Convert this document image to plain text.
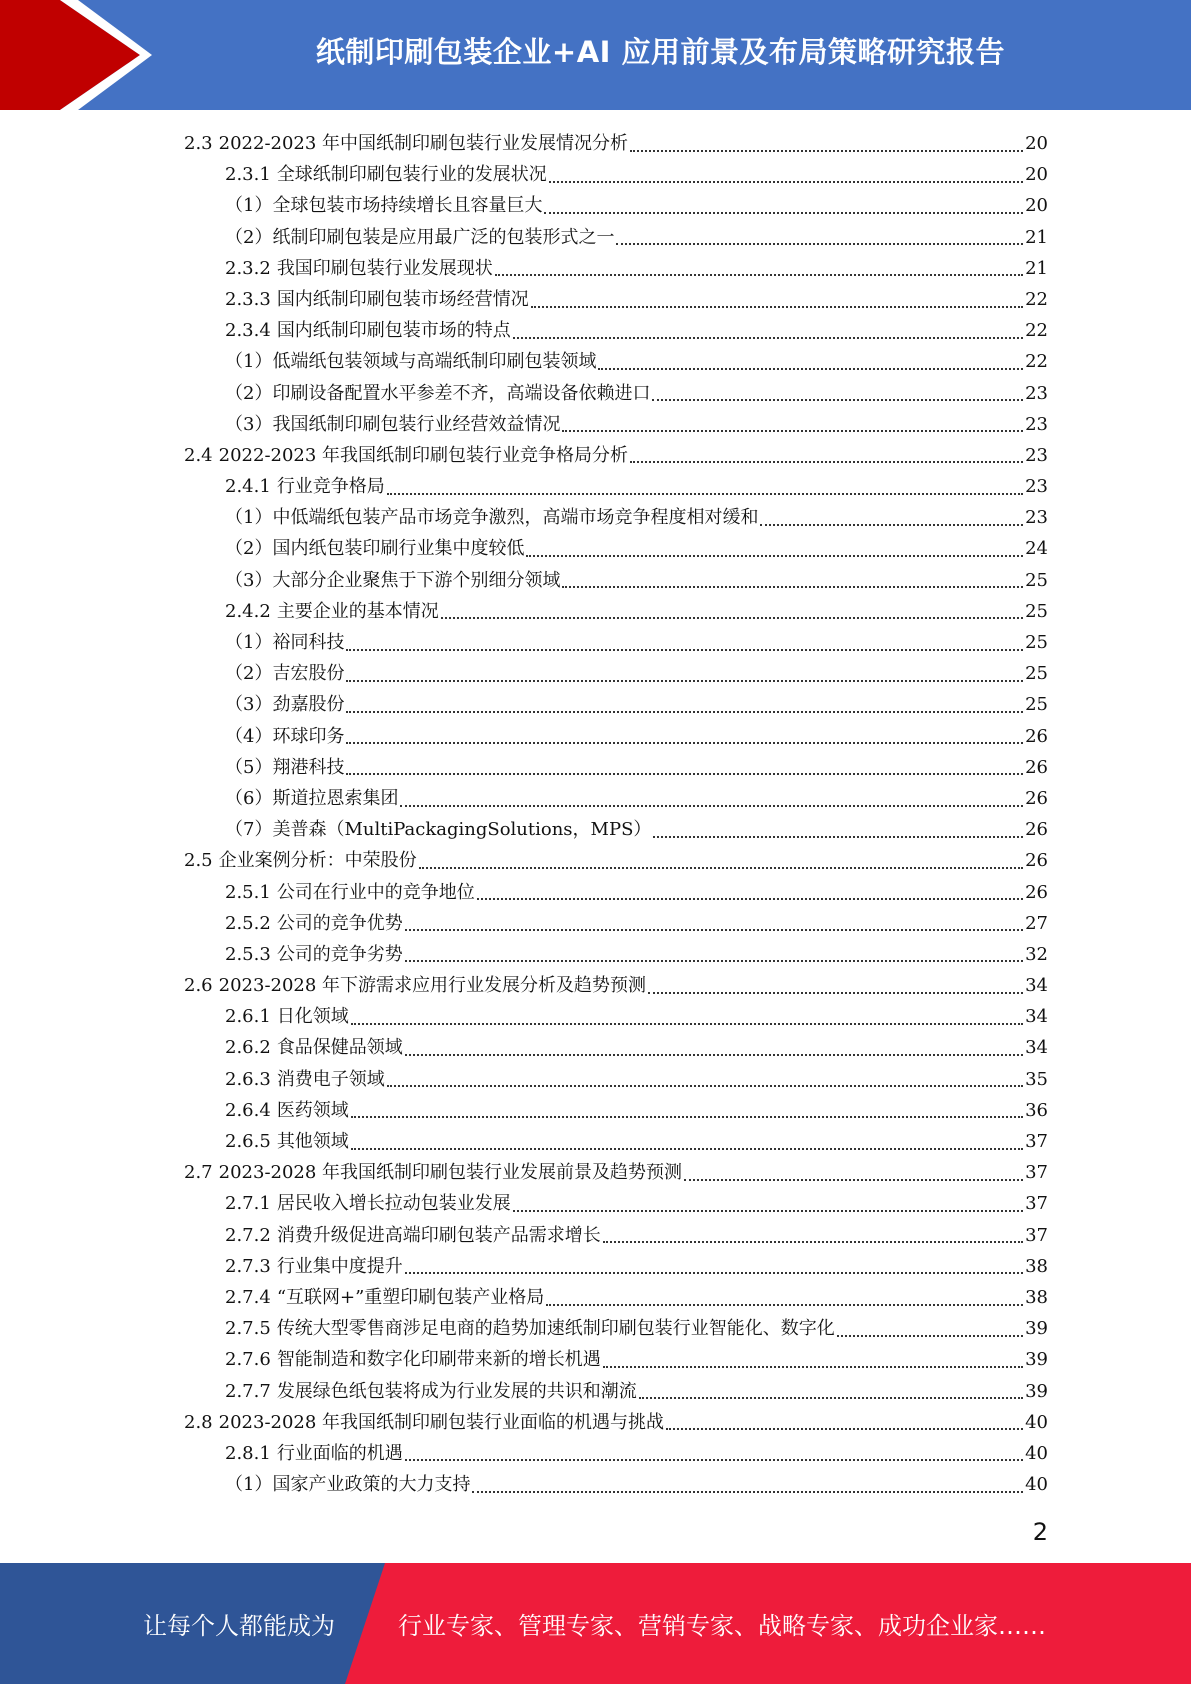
纸制印刷包装企业+AI 应用前景及布局策略研究报告
2.3 2022-2023 年中国纸制印刷包装行业发展情况分析	20
2.3.1 全球纸制印刷包装行业的发展状况	20
（1） 全球包装市场持续增长且容量巨大	20
（2） 纸制印刷包装是应用最广泛的包装形式之一	21
2.3.2 我国印刷包装行业发展现状	21
2.3.3 国内纸制印刷包装市场经营情况	22
2.3.4 国内纸制印刷包装市场的特点	22
（1） 低端纸包装领域与高端纸制印刷包装领域	22
（2） 印刷设备配置水平参差不齐，高端设备依赖进口	23
（3） 我国纸制印刷包装行业经营效益情况	23
2.4 2022-2023 年我国纸制印刷包装行业竞争格局分析	23
2.4.1 行业竞争格局	23
（1） 中低端纸包装产品市场竞争激烈，高端市场竞争程度相对缓和	23
（2） 国内纸包装印刷行业集中度较低	24
（3） 大部分企业聚焦于下游个别细分领域	25
2.4.2 主要企业的基本情况	25
（1） 裕同科技	25
（2） 吉宏股份	25
（3） 劲嘉股份	25
（4） 环球印务	26
（5） 翔港科技	26
（6） 斯道拉恩索集团	26
（7） 美普森（MultiPackagingSolutions，MPS）	26
2.5 企业案例分析：中荣股份	26
2.5.1 公司在行业中的竞争地位	26
2.5.2 公司的竞争优势	27
2.5.3 公司的竞争劣势	32
2.6 2023-2028 年下游需求应用行业发展分析及趋势预测	34
2.6.1 日化领域	34
2.6.2 食品保健品领域	34
2.6.3 消费电子领域	35
2.6.4 医药领域	36
2.6.5 其他领域	37
2.7 2023-2028 年我国纸制印刷包装行业发展前景及趋势预测	37
2.7.1 居民收入增长拉动包装业发展	37
2.7.2 消费升级促进高端印刷包装产品需求增长	37
2.7.3 行业集中度提升	38
2.7.4 “互联网+”重塑印刷包装产业格局	38
2.7.5 传统大型零售商涉足电商的趋势加速纸制印刷包装行业智能化、数字化	39
2.7.6 智能制造和数字化印刷带来新的增长机遇	39
2.7.7 发展绿色纸包装将成为行业发展的共识和潮流	39
2.8 2023-2028 年我国纸制印刷包装行业面临的机遇与挑战	40
2.8.1 行业面临的机遇	40
（1） 国家产业政策的大力支持	40
2
让每个人都能成为	行业专家、管理专家、营销专家、战略专家、成功企业家……
